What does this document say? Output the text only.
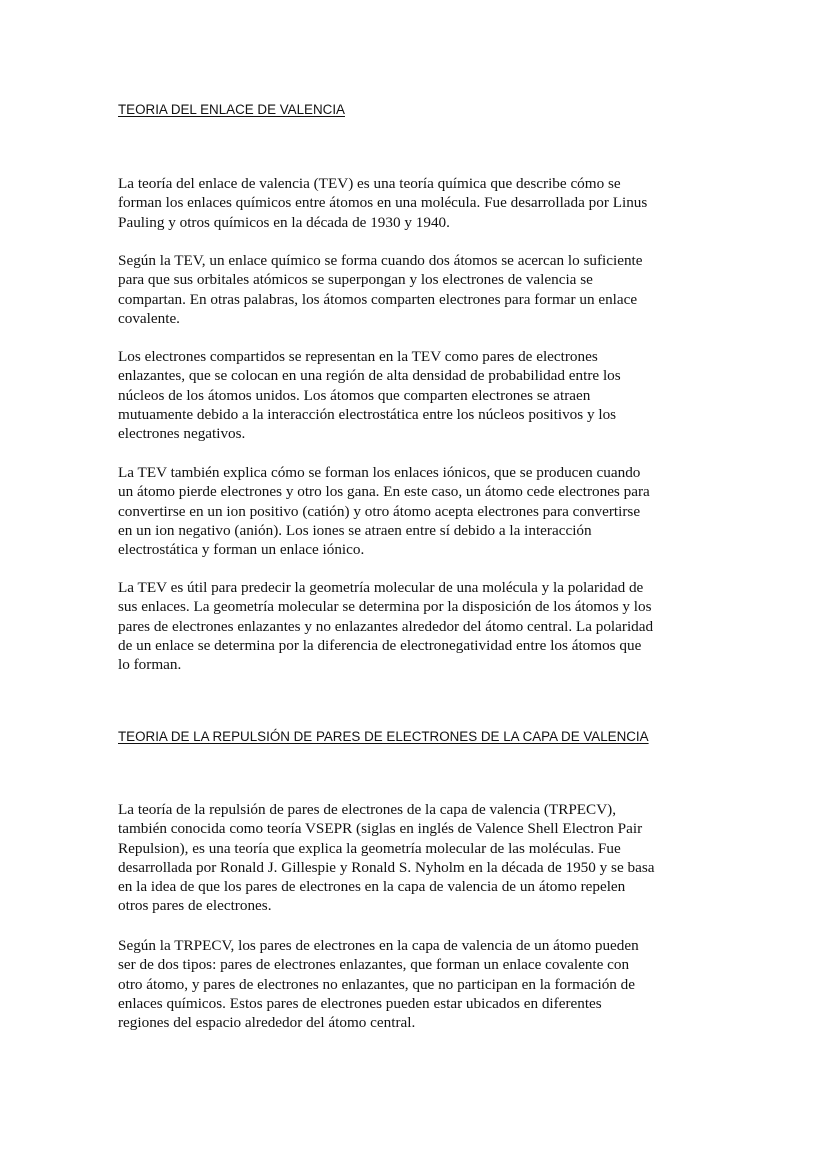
TEORIA DEL ENLACE DE VALENCIA

La teoría del enlace de valencia (TEV) es una teoría química que describe cómo se
forman los enlaces químicos entre átomos en una molécula. Fue desarrollada por Linus
Pauling y otros químicos en la década de 1930 y 1940.

Según la TEV, un enlace químico se forma cuando dos átomos se acercan lo suficiente
para que sus orbitales atómicos se superpongan y los electrones de valencia se
compartan. En otras palabras, los átomos comparten electrones para formar un enlace
covalente.

Los electrones compartidos se representan en la TEV como pares de electrones
enlazantes, que se colocan en una región de alta densidad de probabilidad entre los
núcleos de los átomos unidos. Los átomos que comparten electrones se atraen
mutuamente debido a la interacción electrostática entre los núcleos positivos y los
electrones negativos.

La TEV también explica cómo se forman los enlaces iónicos, que se producen cuando
un átomo pierde electrones y otro los gana. En este caso, un átomo cede electrones para
convertirse en un ion positivo (catión) y otro átomo acepta electrones para convertirse
en un ion negativo (anión). Los iones se atraen entre sí debido a la interacción
electrostática y forman un enlace iónico.

La TEV es útil para predecir la geometría molecular de una molécula y la polaridad de
sus enlaces. La geometría molecular se determina por la disposición de los átomos y los
pares de electrones enlazantes y no enlazantes alrededor del átomo central. La polaridad
de un enlace se determina por la diferencia de electronegatividad entre los átomos que
lo forman.

TEORIA DE LA REPULSIÓN DE PARES DE ELECTRONES DE LA CAPA DE VALENCIA

La teoría de la repulsión de pares de electrones de la capa de valencia (TRPECV),
también conocida como teoría VSEPR (siglas en inglés de Valence Shell Electron Pair
Repulsion), es una teoría que explica la geometría molecular de las moléculas. Fue
desarrollada por Ronald J. Gillespie y Ronald S. Nyholm en la década de 1950 y se basa
en la idea de que los pares de electrones en la capa de valencia de un átomo repelen
otros pares de electrones.

Según la TRPECV, los pares de electrones en la capa de valencia de un átomo pueden
ser de dos tipos: pares de electrones enlazantes, que forman un enlace covalente con
otro átomo, y pares de electrones no enlazantes, que no participan en la formación de
enlaces químicos. Estos pares de electrones pueden estar ubicados en diferentes
regiones del espacio alrededor del átomo central.
